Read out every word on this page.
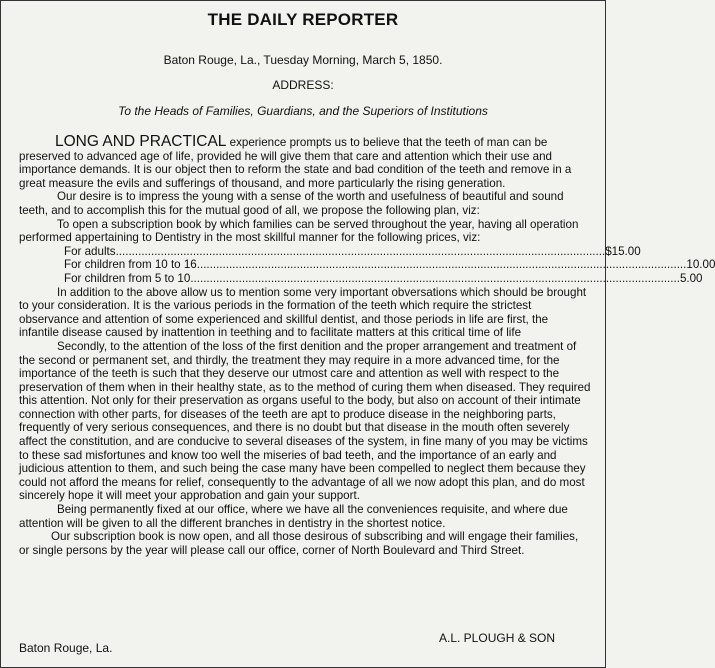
THE DAILY REPORTER
Baton Rouge, La., Tuesday Morning, March 5, 1850.
ADDRESS:
To the Heads of Families, Guardians, and the Superiors of Institutions

LONG AND PRACTICAL experience prompts us to believe that the teeth of man can be preserved to advanced age of life, provided he will give them that care and attention which their use and importance demands. It is our object then to reform the state and bad condition of the teeth and remove in a great measure the evils and sufferings of thousand, and more particularly the rising generation.

Our desire is to impress the young with a sense of the worth and usefulness of beautiful and sound teeth, and to accomplish this for the mutual good of all, we propose the following plan, viz:

To open a subscription book by which families can be served throughout the year, having all operation performed appertaining to Dentistry in the most skillful manner for the following prices, viz:

For adults ........................................................................................................................................................ $15.00
For children from 10 to 16 ........................................................................................................................................................ 10.00
For children from 5 to 10 ........................................................................................................................................................ 5.00

In addition to the above allow us to mention some very important obversations which should be brought to your consideration. It is the various periods in the formation of the teeth which require the strictest observance and attention of some experienced and skillful dentist, and those periods in life are first, the infantile disease caused by inattention in teething and to facilitate matters at this critical time of life

Secondly, to the attention of the loss of the first denition and the proper arrangement and treatment of the second or permanent set, and thirdly, the treatment they may require in a more advanced time, for the importance of the teeth is such that they deserve our utmost care and attention as well with respect to the preservation of them when in their healthy state, as to the method of curing them when diseased. They required this attention. Not only for their preservation as organs useful to the body, but also on account of their intimate connection with other parts, for diseases of the teeth are apt to produce disease in the neighboring parts, frequently of very serious consequences, and there is no doubt but that disease in the mouth often severely affect the constitution, and are conducive to several diseases of the system, in fine many of you may be victims to these sad misfortunes and know too well the miseries of bad teeth, and the importance of an early and judicious attention to them, and such being the case many have been compelled to neglect them because they could not afford the means for relief, consequently to the advantage of all we now adopt this plan, and do most sincerely hope it will meet your approbation and gain your support.

Being permanently fixed at our office, where we have all the conveniences requisite, and where due attention will be given to all the different branches in dentistry in the shortest notice.

Our subscription book is now open, and all those desirous of subscribing and will engage their families, or single persons by the year will please call our office, corner of North Boulevard and Third Street.

Baton Rouge, La.
A.L. PLOUGH & SON
